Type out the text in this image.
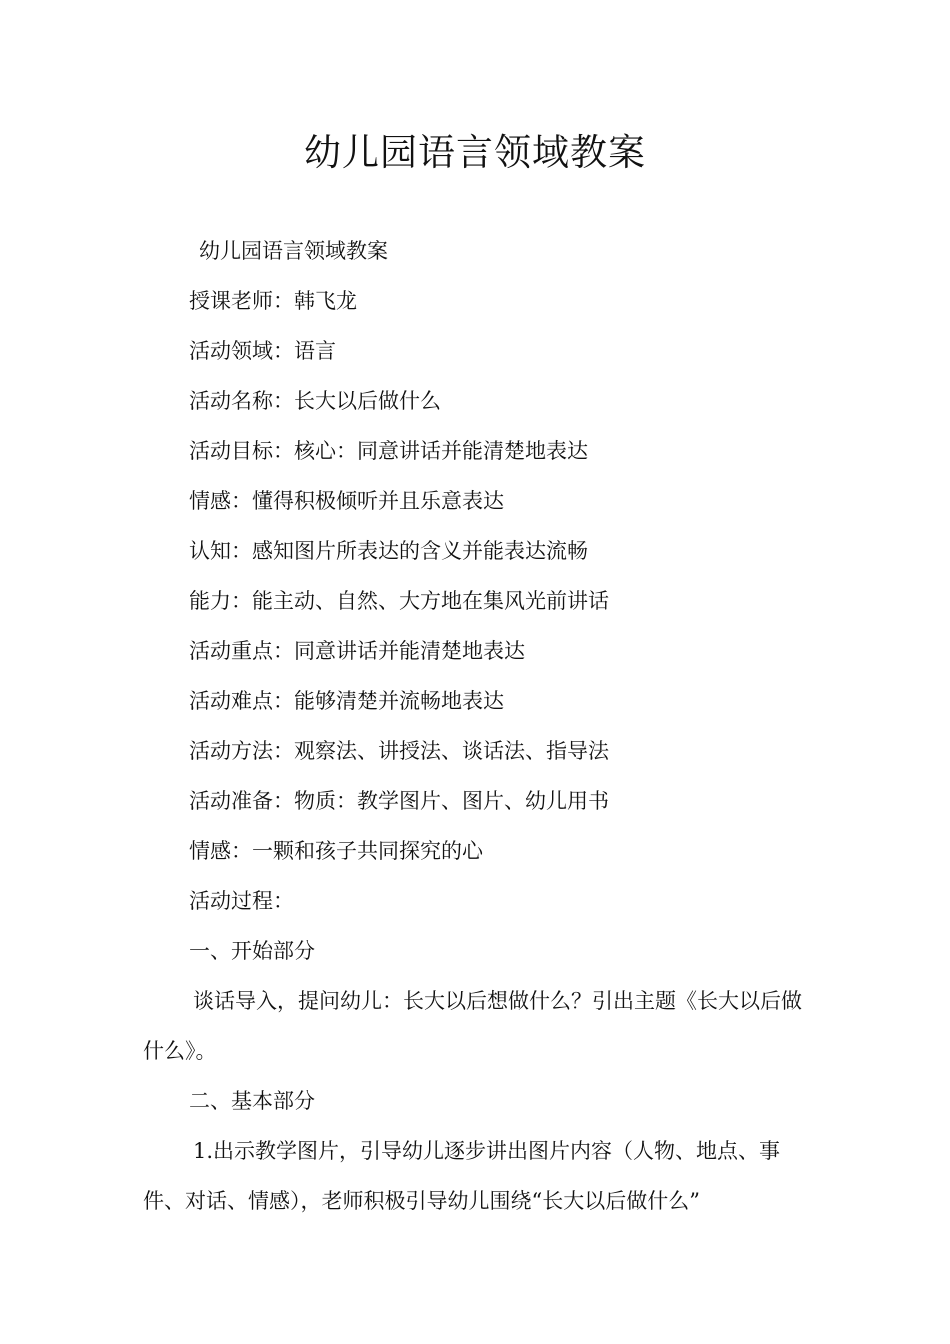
幼儿园语言领域教案

幼儿园语言领域教案

授课老师：韩飞龙

活动领域：语言

活动名称：长大以后做什么

活动目标：核心：同意讲话并能清楚地表达

情感：懂得积极倾听并且乐意表达

认知：感知图片所表达的含义并能表达流畅

能力：能主动、自然、大方地在集风光前讲话

活动重点：同意讲话并能清楚地表达

活动难点：能够清楚并流畅地表达

活动方法：观察法、讲授法、谈话法、指导法

活动准备：物质：教学图片、图片、幼儿用书

情感：一颗和孩子共同探究的心

活动过程：

一、开始部分

谈话导入，提问幼儿：长大以后想做什么？引出主题《长大以后做什么》。

二、基本部分

1.出示教学图片，引导幼儿逐步讲出图片内容（人物、地点、事件、对话、情感），老师积极引导幼儿围绕“长大以后做什么”
